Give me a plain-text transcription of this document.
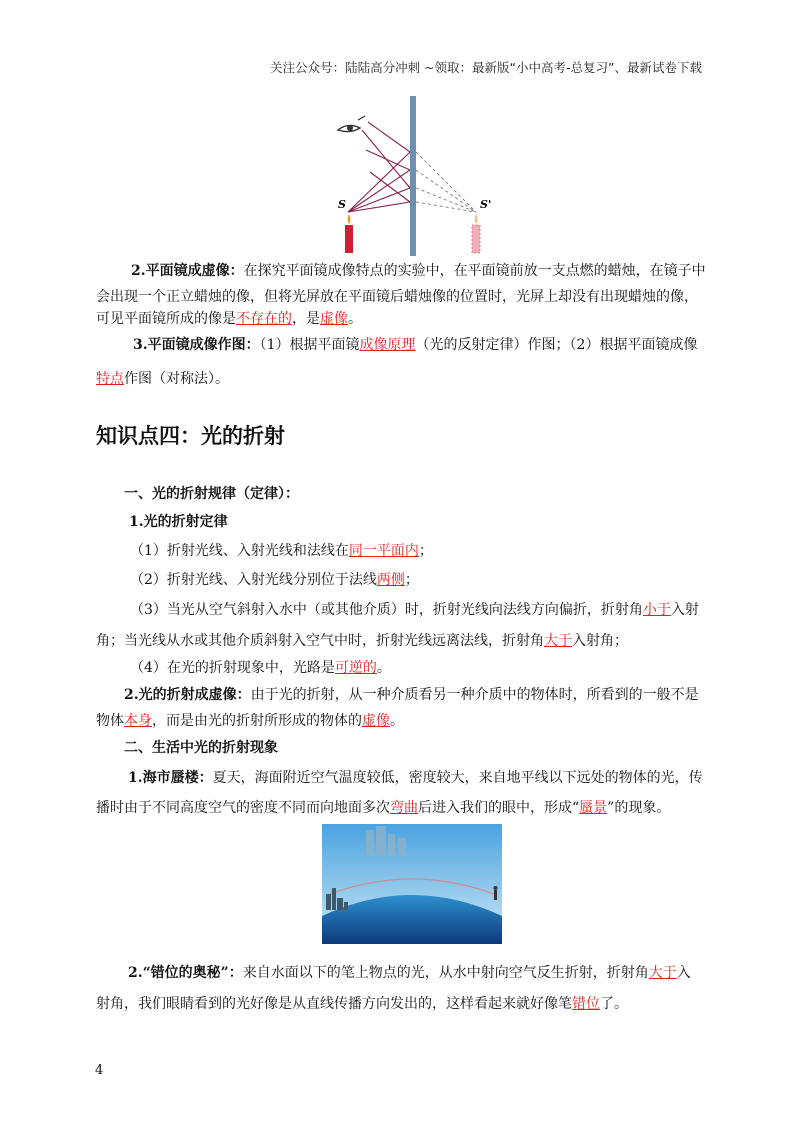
关注公众号：陆陆高分冲刺 ~领取：最新版“小中高考-总复习”、最新试卷下载
S	S'
2.平面镜成虚像：在探究平面镜成像特点的实验中，在平面镜前放一支点燃的蜡烛，在镜子中
会出现一个正立蜡烛的像，但将光屏放在平面镜后蜡烛像的位置时，光屏上却没有出现蜡烛的像，
可见平面镜所成的像是不存在的，是虚像。
3.平面镜成像作图：（1）根据平面镜成像原理（光的反射定律）作图；（2）根据平面镜成像
特点作图（对称法）。
知识点四：光的折射
一、光的折射规律（定律）：
1.光的折射定律
（1）折射光线、入射光线和法线在同一平面内；
（2）折射光线、入射光线分别位于法线两侧；
（3）当光从空气斜射入水中（或其他介质）时，折射光线向法线方向偏折，折射角小于入射
角；当光线从水或其他介质斜射入空气中时，折射光线远离法线，折射角大于入射角；
（4）在光的折射现象中，光路是可逆的。
2.光的折射成虚像：由于光的折射，从一种介质看另一种介质中的物体时，所看到的一般不是
物体本身，而是由光的折射所形成的物体的虚像。
二、生活中光的折射现象
1.海市蜃楼：夏天，海面附近空气温度较低，密度较大，来自地平线以下远处的物体的光，传
播时由于不同高度空气的密度不同而向地面多次弯曲后进入我们的眼中，形成“蜃景”的现象。
2.“错位的奥秘”：来自水面以下的笔上物点的光，从水中射向空气反生折射，折射角大于入
射角，我们眼睛看到的光好像是从直线传播方向发出的，这样看起来就好像笔错位了。
4
